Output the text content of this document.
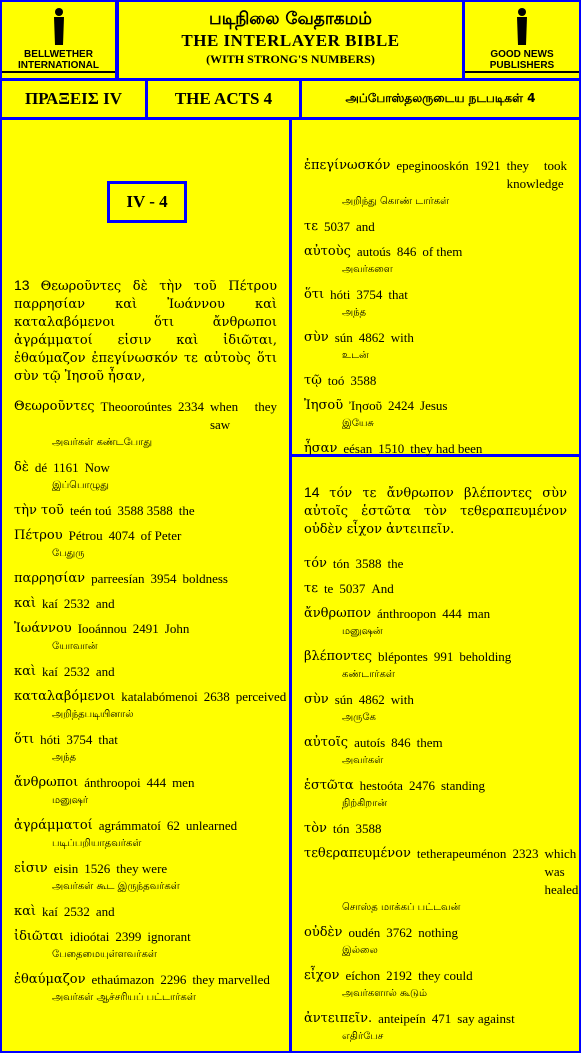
BELLWETHER INTERNATIONAL
படிநிலை வேதாகமம்
THE INTERLAYER BIBLE
(WITH STRONG'S NUMBERS)	GOOD NEWS PUBLISHERS
ΠΡΑΞΕΙΣ IV	THE ACTS 4	அப்போஸ்தலருடைய நடபடிகள் 4
IV - 4
13 Θεωροῦντες δὲ τὴν τοῦ Πέτρου παρρησίαν καὶ Ἰωάννου καὶ καταλαβόμενοι ὅτι ἄνθρωποι ἀγράμματοί εἰσιν καὶ ἰδιῶται, ἐθαύμαζον ἐπεγίνωσκόν τε αὐτοὺς ὅτι σὺν τῷ Ἰησοῦ ἦσαν,
Θεωροῦντες Theooroúntes 2334 when they saw
அவர்கள் கண்டபோது
δὲ dé 1161 Now
இப்பொழுது
τὴν τοῦ teén toú 3588 3588 the
Πέτρου Pétrou 4074 of Peter
பேதுரு
παρρησίαν parreesían 3954 boldness
καὶ kaí 2532 and
Ἰωάννου Iooánnou 2491 John
யோவான்
καὶ kaí 2532 and
καταλαβόμενοι katalabómenoi 2638 perceived
அறிந்தபடியினால்
ὅτι hóti 3754 that
அந்த
ἄνθρωποι ánthroopoi 444 men
மனுஷர்
ἀγράμματοί agrámmatoí 62 unlearned
படிப்பறியாதவர்கள்
εἰσιν eisin 1526 they were
அவர்கள் கூட இருந்தவர்கள்
καὶ kaí 2532 and
ἰδιῶται idioótai 2399 ignorant
பேதைமையுள்ளவர்கள்
ἐθαύμαζον ethaúmazon 2296 they marvelled
அவர்கள் ஆச்சரியப் பட்டார்கள்
ἐπεγίνωσκόν epeginooskón 1921 they took knowledge
அறிந்து கொண் டார்கள்
τε 5037 and
αὐτοὺς autoús 846 of them
அவர்களை
ὅτι hóti 3754 that
அந்த
σὺν sún 4862 with
உடன்
τῷ toó 3588
Ἰησοῦ Ἰησοῦ 2424 Jesus
இயேசு
ἦσαν eésan 1510 they had been
14 τόν τε ἄνθρωπον βλέποντες σὺν αὐτοῖς ἑστῶτα τὸν τεθεραπευμένον οὐδὲν εἶχον ἀντειπεῖν.
τόν tón 3588 the
τε te 5037 And
ἄνθρωπον ánthroopon 444 man
மனுஷன்
βλέποντες blépontes 991 beholding
கண்டார்கள்
σὺν sún 4862 with
அருகே
αὐτοῖς autoís 846 them
அவர்கள்
ἑστῶτα hestoóta 2476 standing
நிற்கிறான்
τὸν tón 3588
τεθεραπευμένον tetherapeuménon 2323 which was healed
சொஸ்த மாக்கப் பட்டவன்
οὐδὲν oudén 3762 nothing
இல்லை
εἶχον eíchon 2192 they could
அவர்களால் கூடும்
ἀντειπεῖν. anteipeín 471 say against
எதிர்பேச
